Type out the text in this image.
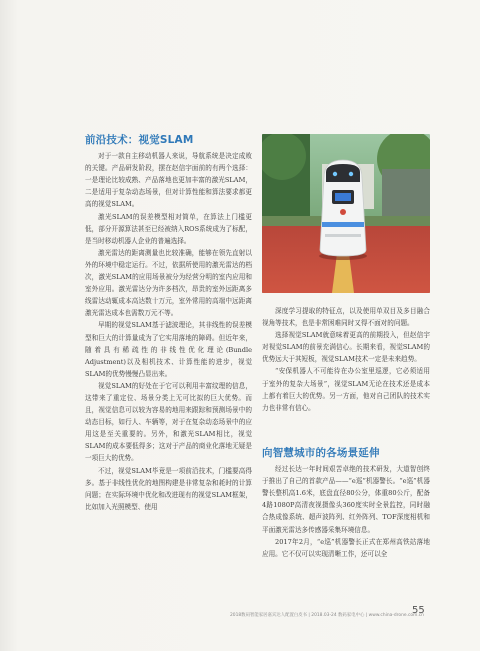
前沿技术：视觉SLAM

对于一款自主移动机器人来说，导航系统是决定成败的关键。产品研发阶段，摆在赵信宇面前的有两个选择：一是理论比较成熟、产品落地也更加丰富的激光SLAM，二是适用于复杂动态场景，但对计算性能和算法要求都更高的视觉SLAM。

激光SLAM的误差模型相对简单，在算法上门槛更低，部分开源算法甚至已经被纳入ROS系统成为了标配，是当时移动机器人企业的普遍选择。

激光雷达的距离测量也比较准确，能够在领先直射以外的环境中稳定运行。不过，依据所使用的激光雷达的档次，激光SLAM的应用场景被分为经营分明的室内应用和室外应用。激光雷达分为许多档次，昂贵的室外远距离多线雷达动辄成本高达数十万元，室外常用的高端中远距离激光雷达成本也需数万元不等。

早期的视觉SLAM基于滤波理论，其非线性的误差模型和巨大的计算量成为了它实用落地的障碍。但近年来，随着具有稀疏性的非线性优化理论(Bundle Adjustment)以及相机技术、计算性能的进步，视觉SLAM的优势慢慢凸显出来。

视觉SLAM的好处在于它可以利用丰富纹理的信息，这带来了重定位、场景分类上无可比拟的巨大优势。而且，视觉信息可以较为容易的地用来跟踪和预测场景中的动态目标，如行人、车辆等，对于在复杂动态场景中的应用这是至关重要的。另外，和激光SLAM相比，视觉SLAM的成本要低得多；这对于产品的商业化落地无疑是一项巨大的优势。

不过，视觉SLAM毕竟是一项前沿技术，门槛要高得多。基于非线性优化的地图构建是非常复杂和耗时的计算问题；在实际环境中优化和改进现有的视觉SLAM框架，比如加入光照模型、使用

深度学习提取的特征点，以及使用单双目及多目融合视角等技术，也是非常困难同时又得不面对的问题。

选择视觉SLAM就意味着更高的前期投入，但赵信宇对视觉SLAM的前景充满信心。长期来看，视觉SLAM的优势远大于其短板，视觉SLAM技术一定是未来趋势。

“安保机器人不可能待在办公室里巡逻，它必须适用于室外的复杂大场景”，视觉SLAM无论在技术还是成本上都有着巨大的优势。另一方面，他对自己团队的技术实力也非常有信心。

向智慧城市的各场景延伸

经过长达一年时间艰苦卓绝的技术研发，大道智创终于推出了自己的首款产品——“e巡”机器警长。“e巡”机器警长整机高1.6米，底盘直径80公分，体重80公斤，配备4路1080P高清夜视摄像头360度实时全景监控，同时融合热成像系统、超声波阵列、红外阵列、TOF深度相机和平面激光雷达多传感器采集环境信息。

2017年2月，“e巡”机器警长正式在郑州高铁站落地应用。它不仅可以实现清晰工作，还可以全

2018数码智能家居嘉宾达人配置白皮书 | 2018.03-24 数码家电中心 | www.china-drone.com.cn
55
